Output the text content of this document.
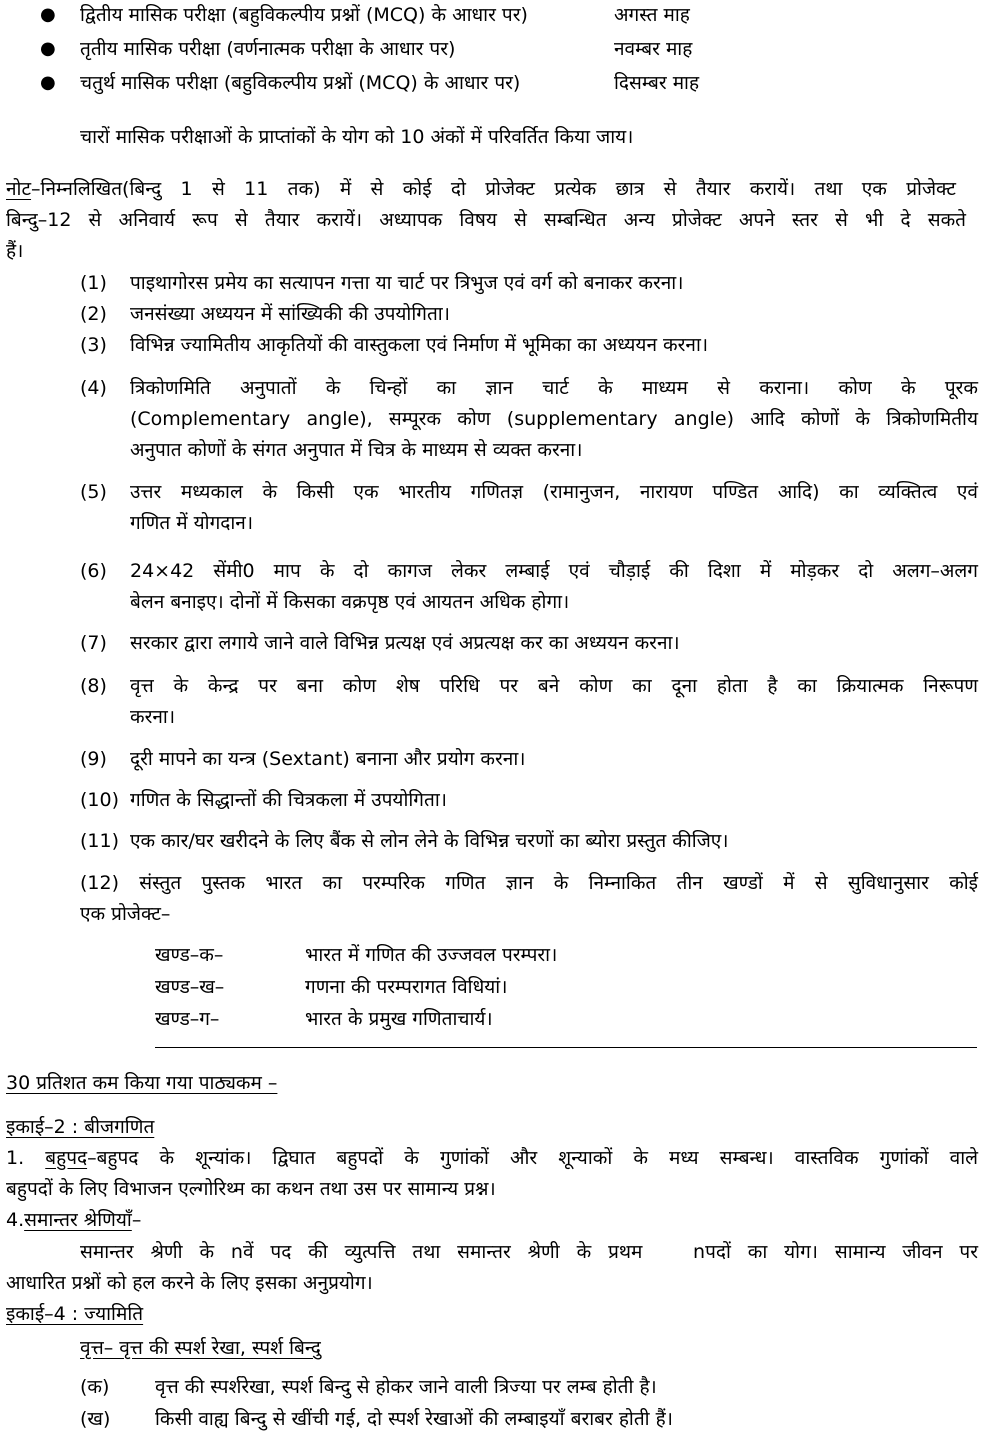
● द्वितीय मासिक परीक्षा (बहुविकल्पीय प्रश्नों (MCQ) के आधार पर)	अगस्त माह
● तृतीय मासिक परीक्षा (वर्णनात्मक परीक्षा के आधार पर)	नवम्बर माह
● चतुर्थ मासिक परीक्षा (बहुविकल्पीय प्रश्नों (MCQ) के आधार पर)	दिसम्बर माह
चारों मासिक परीक्षाओं के प्राप्तांकों के योग को 10 अंकों में परिवर्तित किया जाय।
नोट–निम्नलिखित(बिन्दु 1 से 11 तक) में से कोई दो प्रोजेक्ट प्रत्येक छात्र से तैयार करायें। तथा एक प्रोजेक्ट
बिन्दु–12 से अनिवार्य रूप से तैयार करायें। अध्यापक विषय से सम्बन्धित अन्य प्रोजेक्ट अपने स्तर से भी दे सकते
हैं।
(1) पाइथागोरस प्रमेय का सत्यापन गत्ता या चार्ट पर त्रिभुज एवं वर्ग को बनाकर करना।
(2) जनसंख्या अध्ययन में सांख्यिकी की उपयोगिता।
(3) विभिन्न ज्यामितीय आकृतियों की वास्तुकला एवं निर्माण में भूमिका का अध्ययन करना।
(4) त्रिकोणमिति अनुपातों के चिन्हों का ज्ञान चार्ट के माध्यम से कराना। कोण के पूरक
(Complementary angle), सम्पूरक कोण (supplementary angle) आदि कोणों के त्रिकोणमितीय
अनुपात कोणों के संगत अनुपात में चित्र के माध्यम से व्यक्त करना।
(5) उत्तर मध्यकाल के किसी एक भारतीय गणितज्ञ (रामानुजन, नारायण पण्डित आदि) का व्यक्तित्व एवं
गणित में योगदान।
(6) 24×42 सेंमी0 माप के दो कागज लेकर लम्बाई एवं चौड़ाई की दिशा में मोड़कर दो अलग–अलग
बेलन बनाइए। दोनों में किसका वक्रपृष्ठ एवं आयतन अधिक होगा।
(7) सरकार द्वारा लगाये जाने वाले विभिन्न प्रत्यक्ष एवं अप्रत्यक्ष कर का अध्ययन करना।
(8) वृत्त के केन्द्र पर बना कोण शेष परिधि पर बने कोण का दूना होता है का क्रियात्मक निरूपण
करना।
(9) दूरी मापने का यन्त्र (Sextant) बनाना और प्रयोग करना।
(10) गणित के सिद्धान्तों की चित्रकला में उपयोगिता।
(11) एक कार/घर खरीदने के लिए बैंक से लोन लेने के विभिन्न चरणों का ब्योरा प्रस्तुत कीजिए।
(12) संस्तुत पुस्तक भारत का परम्परिक गणित ज्ञान के निम्नाकित तीन खण्डों में से सुविधानुसार कोई
एक प्रोजेक्ट–
खण्ड–क–	भारत में गणित की उज्जवल परम्परा।
खण्ड–ख–	गणना की परम्परागत विधियां।
खण्ड–ग–	भारत के प्रमुख गणिताचार्य।
30 प्रतिशत कम किया गया पाठ्यकम –
इकाई–2 : बीजगणित
1. बहुपद–बहुपद के शून्यांक। द्विघात बहुपदों के गुणांकों और शून्याकों के मध्य सम्बन्ध। वास्तविक गुणांकों वाले
बहुपदों के लिए विभाजन एल्गोरिथ्म का कथन तथा उस पर सामान्य प्रश्न।
4.समान्तर श्रेणियाँ–
समान्तर श्रेणी के nवें पद की व्युत्पत्ति तथा समान्तर श्रेणी के प्रथम   nपदों का योग। सामान्य जीवन पर
आधारित प्रश्नों को हल करने के लिए इसका अनुप्रयोग।
इकाई–4 : ज्यामिति
वृत्त– वृत्त की स्पर्श रेखा, स्पर्श बिन्दु
(क) वृत्त की स्पर्शरेखा, स्पर्श बिन्दु से होकर जाने वाली त्रिज्या पर लम्ब होती है।
(ख) किसी वाह्य बिन्दु से खींची गई, दो स्पर्श रेखाओं की लम्बाइयाँ बराबर होती हैं।
